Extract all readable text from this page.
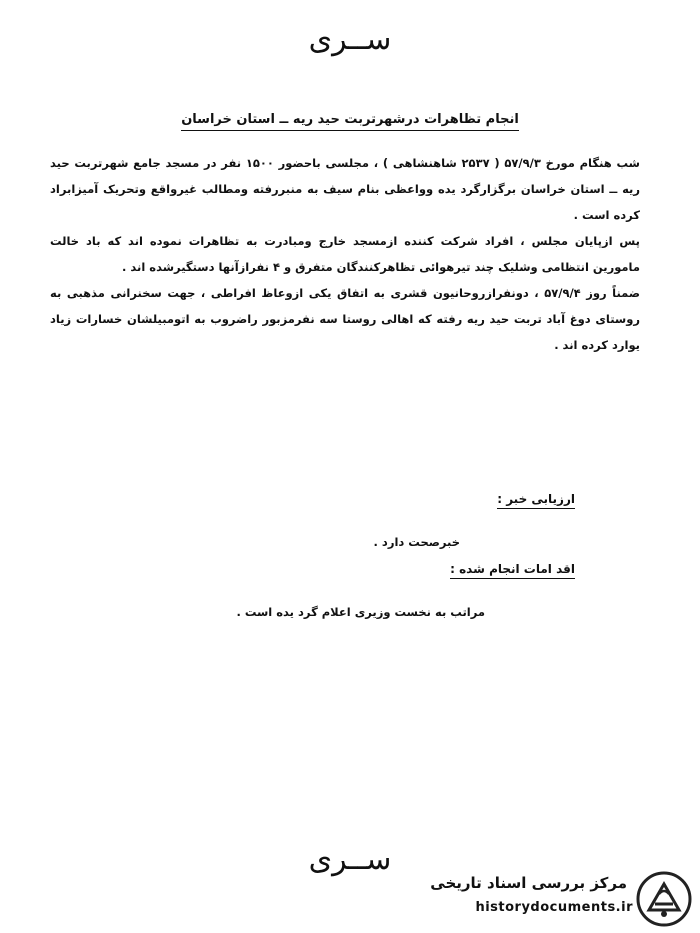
ســری
انجام تظاهرات درشهرتربت حید ریه ــ استان خراسان

شب هنگام مورخ ۵۷/۹/۳ ( ۲۵۳۷ شاهنشاهی ) ، مجلسی باحضور ۱۵۰۰ نفر در مسجد جامع شهرتربت حید ریه ــ استان خراسان برگزارگرد یده وواعظی بنام سیف به منبررفته ومطالب غیرواقع وتحریک آمیزابراد کرده است .

پس ازپایان مجلس ، افراد شرکت کننده ازمسجد خارج ومبادرت به تظاهرات نموده اند که باد خالت مامورین انتظامی وشلیک چند تیرهوائی تظاهرکنندگان متفرق و ۴ نفرازآنها دستگیرشده اند .

ضمناً روز ۵۷/۹/۴ ، دونفرازروحانیون قشری به اتفاق یکی ازوعاظ افراطی ، جهت سخنرانی مذهبی به روستای دوغ آباد تربت حید ریه رفته که اهالی روستا سه نفرمزبور راضروب به اتومبیلشان خسارات زیاد یوارد کرده اند .

ارزیابی خبر :
خبرصحت دارد .
اقد امات انجام شده :
مراتب به نخست وزیری اعلام گرد یده است .
ســری
مرکز بررسی اسناد تاریخی
historydocuments.ir
